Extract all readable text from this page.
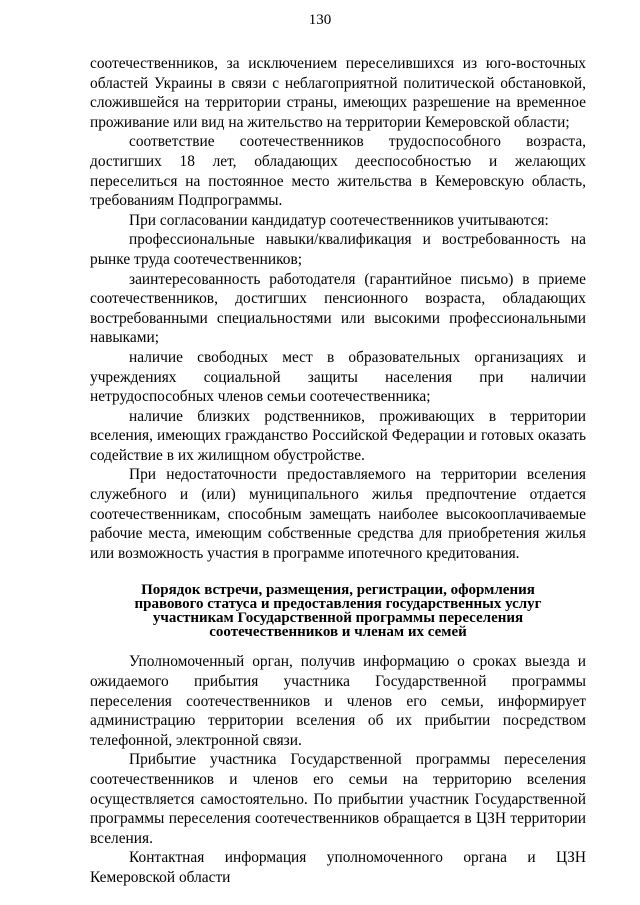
130

соотечественников, за исключением переселившихся из юго-восточных областей Украины в связи с неблагоприятной политической обстановкой, сложившейся на территории страны, имеющих разрешение на временное проживание или вид на жительство на территории Кемеровской области;

соответствие соотечественников трудоспособного возраста, достигших 18 лет, обладающих дееспособностью и желающих переселиться на постоянное место жительства в Кемеровскую область, требованиям Подпрограммы.

При согласовании кандидатур соотечественников учитываются:

профессиональные навыки/квалификация и востребованность на рынке труда соотечественников;

заинтересованность работодателя (гарантийное письмо) в приеме соотечественников, достигших пенсионного возраста, обладающих востребованными специальностями или высокими профессиональными навыками;

наличие свободных мест в образовательных организациях и учреждениях социальной защиты населения при наличии нетрудоспособных членов семьи соотечественника;

наличие близких родственников, проживающих в территории вселения, имеющих гражданство Российской Федерации и готовых оказать содействие в их жилищном обустройстве.

При недостаточности предоставляемого на территории вселения служебного и (или) муниципального жилья предпочтение отдается соотечественникам, способным замещать наиболее высокооплачиваемые рабочие места, имеющим собственные средства для приобретения жилья или возможность участия в программе ипотечного кредитования.

Порядок встречи, размещения, регистрации, оформления правового статуса и предоставления государственных услуг участникам Государственной программы переселения соотечественников и членам их семей

Уполномоченный орган, получив информацию о сроках выезда и ожидаемого прибытия участника Государственной программы переселения соотечественников и членов его семьи, информирует администрацию территории вселения об их прибытии посредством телефонной, электронной связи.

Прибытие участника Государственной программы переселения соотечественников и членов его семьи на территорию вселения осуществляется самостоятельно. По прибытии участник Государственной программы переселения соотечественников обращается в ЦЗН территории вселения.

Контактная информация уполномоченного органа и ЦЗН Кемеровской области
